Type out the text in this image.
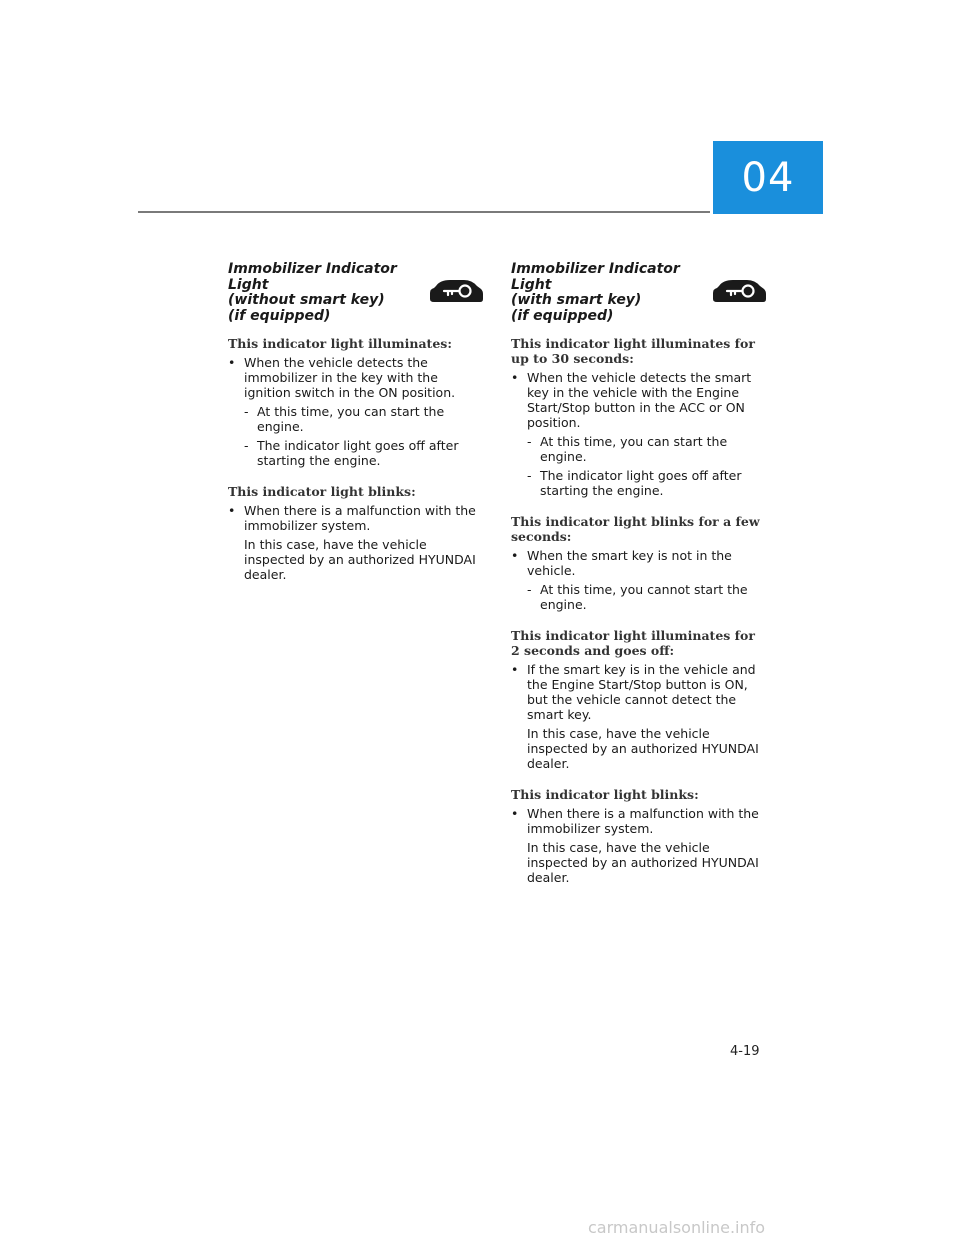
04
Immobilizer Indicator Light
(without smart key)
(if equipped)

This indicator light illuminates:

• When the vehicle detects the immobilizer in the key with the ignition switch in the ON position.

- At this time, you can start the engine.

- The indicator light goes off after starting the engine.

This indicator light blinks:

• When there is a malfunction with the immobilizer system.

In this case, have the vehicle inspected by an authorized HYUNDAI dealer.

Immobilizer Indicator Light
(with smart key)
(if equipped)

This indicator light illuminates for up to 30 seconds:

• When the vehicle detects the smart key in the vehicle with the Engine Start/Stop button in the ACC or ON position.

- At this time, you can start the engine.

- The indicator light goes off after starting the engine.

This indicator light blinks for a few seconds:

• When the smart key is not in the vehicle.

- At this time, you cannot start the engine.

This indicator light illuminates for 2 seconds and goes off:

• If the smart key is in the vehicle and the Engine Start/Stop button is ON, but the vehicle cannot detect the smart key.

In this case, have the vehicle inspected by an authorized HYUNDAI dealer.

This indicator light blinks:

• When there is a malfunction with the immobilizer system.

In this case, have the vehicle inspected by an authorized HYUNDAI dealer.

4-19
carmanualsonline.info
